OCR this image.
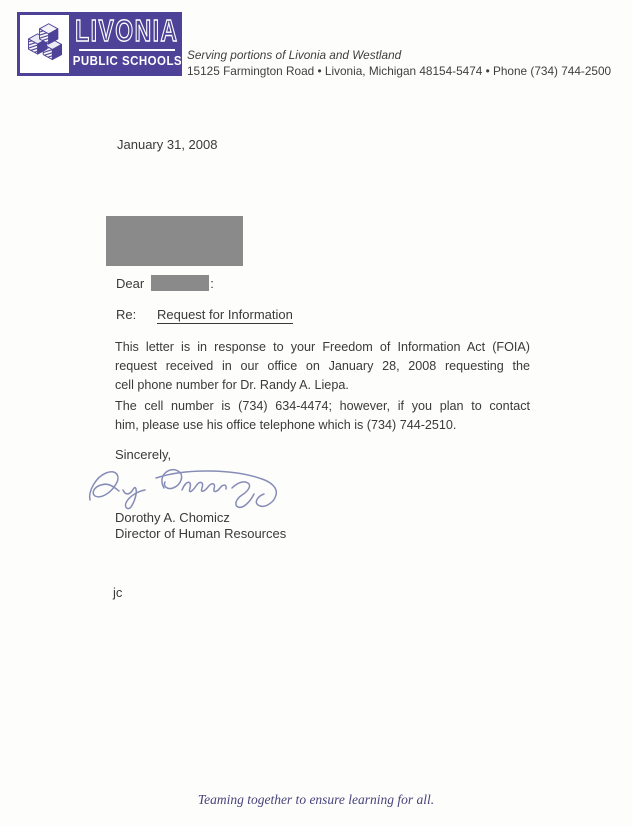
LIVONIA
PUBLIC SCHOOLS Serving portions of Livonia and Westland
15125 Farmington Road • Livonia, Michigan 48154-5474 • Phone (734) 744-2500
January 31, 2008
Dear	:
Re:	Request for Information
This letter is in response to your Freedom of Information Act (FOIA)
request received in our office on January 28, 2008 requesting the
cell phone number for Dr. Randy A. Liepa.
The cell number is (734) 634-4474; however, if you plan to contact
him, please use his office telephone which is (734) 744-2510.
Sincerely,
Dorothy A. Chomicz
Director of Human Resources
jc
Teaming together to ensure learning for all.
